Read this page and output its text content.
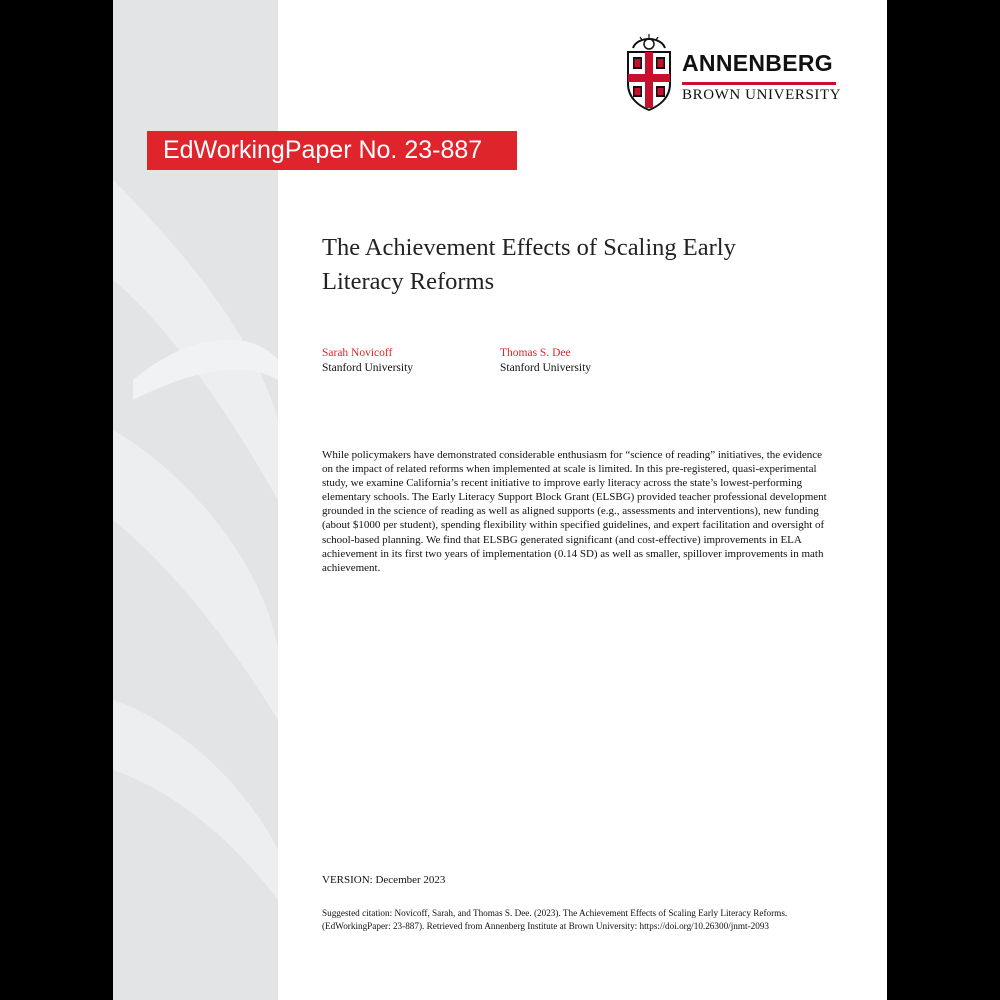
ANNENBERG
BROWN UNIVERSITY
EdWorkingPaper No. 23-887
The Achievement Effects of Scaling Early Literacy Reforms
Sarah Novicoff
Stanford University
Thomas S. Dee
Stanford University

While policymakers have demonstrated considerable enthusiasm for “science of reading” initiatives, the evidence on the impact of related reforms when implemented at scale is limited. In this pre-registered, quasi-experimental study, we examine California’s recent initiative to improve early literacy across the state’s lowest-performing elementary schools. The Early Literacy Support Block Grant (ELSBG) provided teacher professional development grounded in the science of reading as well as aligned supports (e.g., assessments and interventions), new funding (about $1000 per student), spending flexibility within specified guidelines, and expert facilitation and oversight of school-based planning. We find that ELSBG generated significant (and cost-effective) improvements in ELA achievement in its first two years of implementation (0.14 SD) as well as smaller, spillover improvements in math achievement.

VERSION: December 2023

Suggested citation: Novicoff, Sarah, and Thomas S. Dee. (2023). The Achievement Effects of Scaling Early Literacy Reforms. (EdWorkingPaper: 23-887). Retrieved from Annenberg Institute at Brown University: https://doi.org/10.26300/jnmt-2093
